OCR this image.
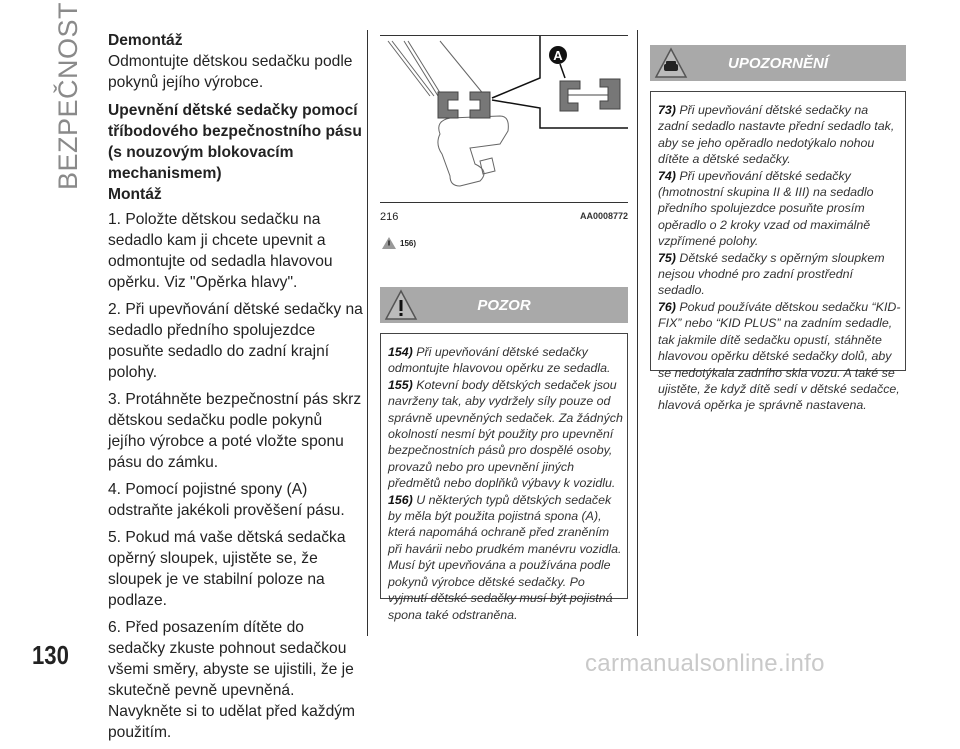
BEZPEČNOST
130
Demontáž

Odmontujte dětskou sedačku podle pokynů jejího výrobce.

Upevnění dětské sedačky pomocí tříbodového bezpečnostního pásu (s nouzovým blokovacím mechanismem)
Montáž

1. Položte dětskou sedačku na sedadlo kam ji chcete upevnit a odmontujte od sedadla hlavovou opěrku. Viz "Opěrka hlavy".

2. Při upevňování dětské sedačky na sedadlo předního spolujezdce posuňte sedadlo do zadní krajní polohy.

3. Protáhněte bezpečnostní pás skrz dětskou sedačku podle pokynů jejího výrobce a poté vložte sponu pásu do zámku.

4. Pomocí pojistné spony (A) odstraňte jakékoli prověšení pásu.

5. Pokud má vaše dětská sedačka opěrný sloupek, ujistěte se, že sloupek je ve stabilní poloze na podlaze.

6. Před posazením dítěte do sedačky zkuste pohnout sedačkou všemi směry, abyste se ujistili, že je skutečně pevně upevněná. Navykněte si to udělat před každým použitím.

A
216	AA0008772
156)
POZOR
154) Při upevňování dětské sedačky odmontujte hlavovou opěrku ze sedadla.
155) Kotevní body dětských sedaček jsou navrženy tak, aby vydržely síly pouze od správně upevněných sedaček. Za žádných okolností nesmí být použity pro upevnění bezpečnostních pásů pro dospělé osoby, provazů nebo pro upevnění jiných předmětů nebo doplňků výbavy k vozidlu.
156) U některých typů dětských sedaček by měla být použita pojistná spona (A), která napomáhá ochraně před zraněním při havárii nebo prudkém manévru vozidla. Musí být upevňována a používána podle pokynů výrobce dětské sedačky. Po vyjmutí dětské sedačky musí být pojistná spona také odstraněna.
UPOZORNĚNÍ
73) Při upevňování dětské sedačky na zadní sedadlo nastavte přední sedadlo tak, aby se jeho opěradlo nedotýkalo nohou dítěte a dětské sedačky.
74) Při upevňování dětské sedačky (hmotnostní skupina II & III) na sedadlo předního spolujezdce posuňte prosím opěradlo o 2 kroky vzad od maximálně vzpřímené polohy.
75) Dětské sedačky s opěrným sloupkem nejsou vhodné pro zadní prostřední sedadlo.
76) Pokud používáte dětskou sedačku “KID-FIX” nebo “KID PLUS” na zadním sedadle, tak jakmile dítě sedačku opustí, stáhněte hlavovou opěrku dětské sedačky dolů, aby se nedotýkala zadního skla vozu. A také se ujistěte, že když dítě sedí v dětské sedačce, hlavová opěrka je správně nastavena.
carmanualsonline.info
